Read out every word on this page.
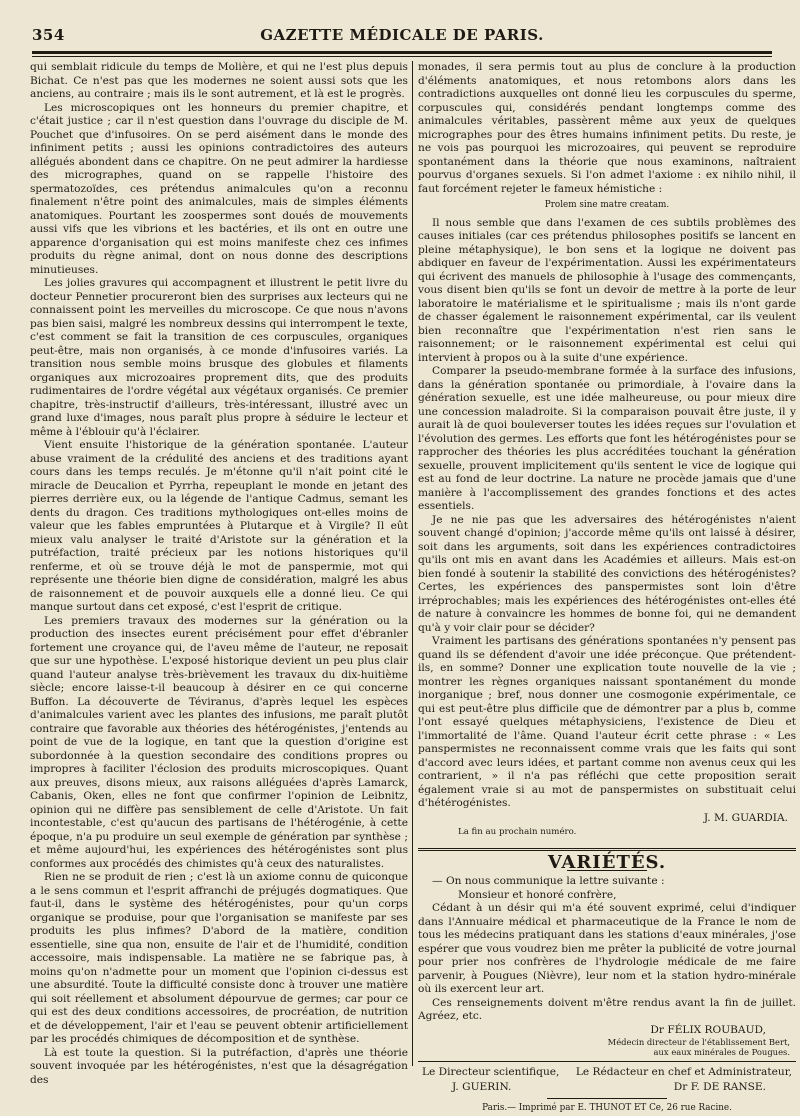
354	GAZETTE MÉDICALE DE PARIS.

qui semblait ridicule du temps de Molière, et qui ne l'est plus depuis Bichat. Ce n'est pas que les modernes ne soient aussi sots que les anciens, au contraire ; mais ils le sont autrement, et là est le progrès.

Les microscopiques ont les honneurs du premier chapitre, et c'était justice ; car il n'est question dans l'ouvrage du disciple de M. Pouchet que d'infusoires. On se perd aisément dans le monde des infiniment petits ; aussi les opinions contradictoires des auteurs allégués abondent dans ce chapitre. On ne peut admirer la hardiesse des micrographes, quand on se rappelle l'histoire des spermatozoïdes, ces prétendus animalcules qu'on a reconnu finalement n'être point des animalcules, mais de simples éléments anatomiques. Pourtant les zoospermes sont doués de mouvements aussi vifs que les vibrions et les bactéries, et ils ont en outre une apparence d'organisation qui est moins manifeste chez ces infimes produits du règne animal, dont on nous donne des descriptions minutieuses.

Les jolies gravures qui accompagnent et illustrent le petit livre du docteur Pennetier procureront bien des surprises aux lecteurs qui ne connaissent point les merveilles du microscope. Ce que nous n'avons pas bien saisi, malgré les nombreux dessins qui interrompent le texte, c'est comment se fait la transition de ces corpuscules, organiques peut-être, mais non organisés, à ce monde d'infusoires variés. La transition nous semble moins brusque des globules et filaments organiques aux microzoaires proprement dits, que des produits rudimentaires de l'ordre végétal aux végétaux organisés. Ce premier chapitre, très-instructif d'ailleurs, très-intéressant, illustré avec un grand luxe d'images, nous paraît plus propre à séduire le lecteur et même à l'éblouir qu'à l'éclairer.

Vient ensuite l'historique de la génération spontanée. L'auteur abuse vraiment de la crédulité des anciens et des traditions ayant cours dans les temps reculés. Je m'étonne qu'il n'ait point cité le miracle de Deucalion et Pyrrha, repeuplant le monde en jetant des pierres derrière eux, ou la légende de l'antique Cadmus, semant les dents du dragon. Ces traditions mythologiques ont-elles moins de valeur que les fables empruntées à Plutarque et à Virgile? Il eût mieux valu analyser le traité d'Aristote sur la génération et la putréfaction, traité précieux par les notions historiques qu'il renferme, et où se trouve déjà le mot de panspermie, mot qui représente une théorie bien digne de considération, malgré les abus de raisonnement et de pouvoir auxquels elle a donné lieu. Ce qui manque surtout dans cet exposé, c'est l'esprit de critique.

Les premiers travaux des modernes sur la génération ou la production des insectes eurent précisément pour effet d'ébranler fortement une croyance qui, de l'aveu même de l'auteur, ne reposait que sur une hypothèse. L'exposé historique devient un peu plus clair quand l'auteur analyse très-brièvement les travaux du dix-huitième siècle; encore laisse-t-il beaucoup à désirer en ce qui concerne Buffon. La découverte de Téviranus, d'après lequel les espèces d'animalcules varient avec les plantes des infusions, me paraît plutôt contraire que favorable aux théories des hétérogénistes, j'entends au point de vue de la logique, en tant que la question d'origine est subordonnée à la question secondaire des conditions propres ou impropres à faciliter l'éclosion des produits microscopiques. Quant aux preuves, disons mieux, aux raisons alléguées d'après Lamarck, Cabanis, Oken, elles ne font que confirmer l'opinion de Leibnitz, opinion qui ne diffère pas sensiblement de celle d'Aristote. Un fait incontestable, c'est qu'aucun des partisans de l'hétérogénie, à cette époque, n'a pu produire un seul exemple de génération par synthèse ; et même aujourd'hui, les expériences des hétérogénistes sont plus conformes aux procédés des chimistes qu'à ceux des naturalistes.

Rien ne se produit de rien ; c'est là un axiome connu de quiconque a le sens commun et l'esprit affranchi de préjugés dogmatiques. Que faut-il, dans le système des hétérogénistes, pour qu'un corps organique se produise, pour que l'organisation se manifeste par ses produits les plus infimes? D'abord de la matière, condition essentielle, sine qua non, ensuite de l'air et de l'humidité, condition accessoire, mais indispensable. La matière ne se fabrique pas, à moins qu'on n'admette pour un moment que l'opinion ci-dessus est une absurdité. Toute la difficulté consiste donc à trouver une matière qui soit réellement et absolument dépourvue de germes; car pour ce qui est des deux conditions accessoires, de procréation, de nutrition et de développement, l'air et l'eau se peuvent obtenir artificiellement par les procédés chimiques de décomposition et de synthèse.

Là est toute la question. Si la putréfaction, d'après une théorie souvent invoquée par les hétérogénistes, n'est que la désagrégation des

monades, il sera permis tout au plus de conclure à la production d'éléments anatomiques, et nous retombons alors dans les contradictions auxquelles ont donné lieu les corpuscules du sperme, corpuscules qui, considérés pendant longtemps comme des animalcules véritables, passèrent même aux yeux de quelques micrographes pour des êtres humains infiniment petits. Du reste, je ne vois pas pourquoi les microzoaires, qui peuvent se reproduire spontanément dans la théorie que nous examinons, naîtraient pourvus d'organes sexuels. Si l'on admet l'axiome : ex nihilo nihil, il faut forcément rejeter le fameux hémistiche :

Prolem sine matre creatam.

Il nous semble que dans l'examen de ces subtils problèmes des causes initiales (car ces prétendus philosophes positifs se lancent en pleine métaphysique), le bon sens et la logique ne doivent pas abdiquer en faveur de l'expérimentation. Aussi les expérimentateurs qui écrivent des manuels de philosophie à l'usage des commençants, vous disent bien qu'ils se font un devoir de mettre à la porte de leur laboratoire le matérialisme et le spiritualisme ; mais ils n'ont garde de chasser également le raisonnement expérimental, car ils veulent bien reconnaître que l'expérimentation n'est rien sans le raisonnement; or le raisonnement expérimental est celui qui intervient à propos ou à la suite d'une expérience.

Comparer la pseudo-membrane formée à la surface des infusions, dans la génération spontanée ou primordiale, à l'ovaire dans la génération sexuelle, est une idée malheureuse, ou pour mieux dire une concession maladroite. Si la comparaison pouvait être juste, il y aurait là de quoi bouleverser toutes les idées reçues sur l'ovulation et l'évolution des germes. Les efforts que font les hétérogénistes pour se rapprocher des théories les plus accréditées touchant la génération sexuelle, prouvent implicitement qu'ils sentent le vice de logique qui est au fond de leur doctrine. La nature ne procède jamais que d'une manière à l'accomplissement des grandes fonctions et des actes essentiels.

Je ne nie pas que les adversaires des hétérogénistes n'aient souvent changé d'opinion; j'accorde même qu'ils ont laissé à désirer, soit dans les arguments, soit dans les expériences contradictoires qu'ils ont mis en avant dans les Académies et ailleurs. Mais est-on bien fondé à soutenir la stabilité des convictions des hétérogénistes? Certes, les expériences des panspermistes sont loin d'être irréprochables; mais les expériences des hétérogénistes ont-elles été de nature à convaincre les hommes de bonne foi, qui ne demandent qu'à y voir clair pour se décider?

Vraiment les partisans des générations spontanées n'y pensent pas quand ils se défendent d'avoir une idée préconçue. Que prétendent-ils, en somme? Donner une explication toute nouvelle de la vie ; montrer les règnes organiques naissant spontanément du monde inorganique ; bref, nous donner une cosmogonie expérimentale, ce qui est peut-être plus difficile que de démontrer par a plus b, comme l'ont essayé quelques métaphysiciens, l'existence de Dieu et l'immortalité de l'âme. Quand l'auteur écrit cette phrase : « Les panspermistes ne reconnaissent comme vrais que les faits qui sont d'accord avec leurs idées, et partant comme non avenus ceux qui les contrarient, » il n'a pas réfléchi que cette proposition serait également vraie si au mot de panspermistes on substituait celui d'hétérogénistes.

J. M. GUARDIA.

La fin au prochain numéro.

VARIÉTÉS.

— On nous communique la lettre suivante :

Monsieur et honoré confrère,

Cédant à un désir qui m'a été souvent exprimé, celui d'indiquer dans l'Annuaire médical et pharmaceutique de la France le nom de tous les médecins pratiquant dans les stations d'eaux minérales, j'ose espérer que vous voudrez bien me prêter la publicité de votre journal pour prier nos confrères de l'hydrologie médicale de me faire parvenir, à Pougues (Nièvre), leur nom et la station hydro-minérale où ils exercent leur art.

Ces renseignements doivent m'être rendus avant la fin de juillet. Agréez, etc.

Dr FÉLIX ROUBAUD,

Médecin directeur de l'établissement Bert,

aux eaux minérales de Pougues.

Le Directeur scientifique,
J. GUERIN.
Le Rédacteur en chef et Administrateur,
Dr F. DE RANSE.

Paris.— Imprimé par E. THUNOT ET Ce, 26 rue Racine.
